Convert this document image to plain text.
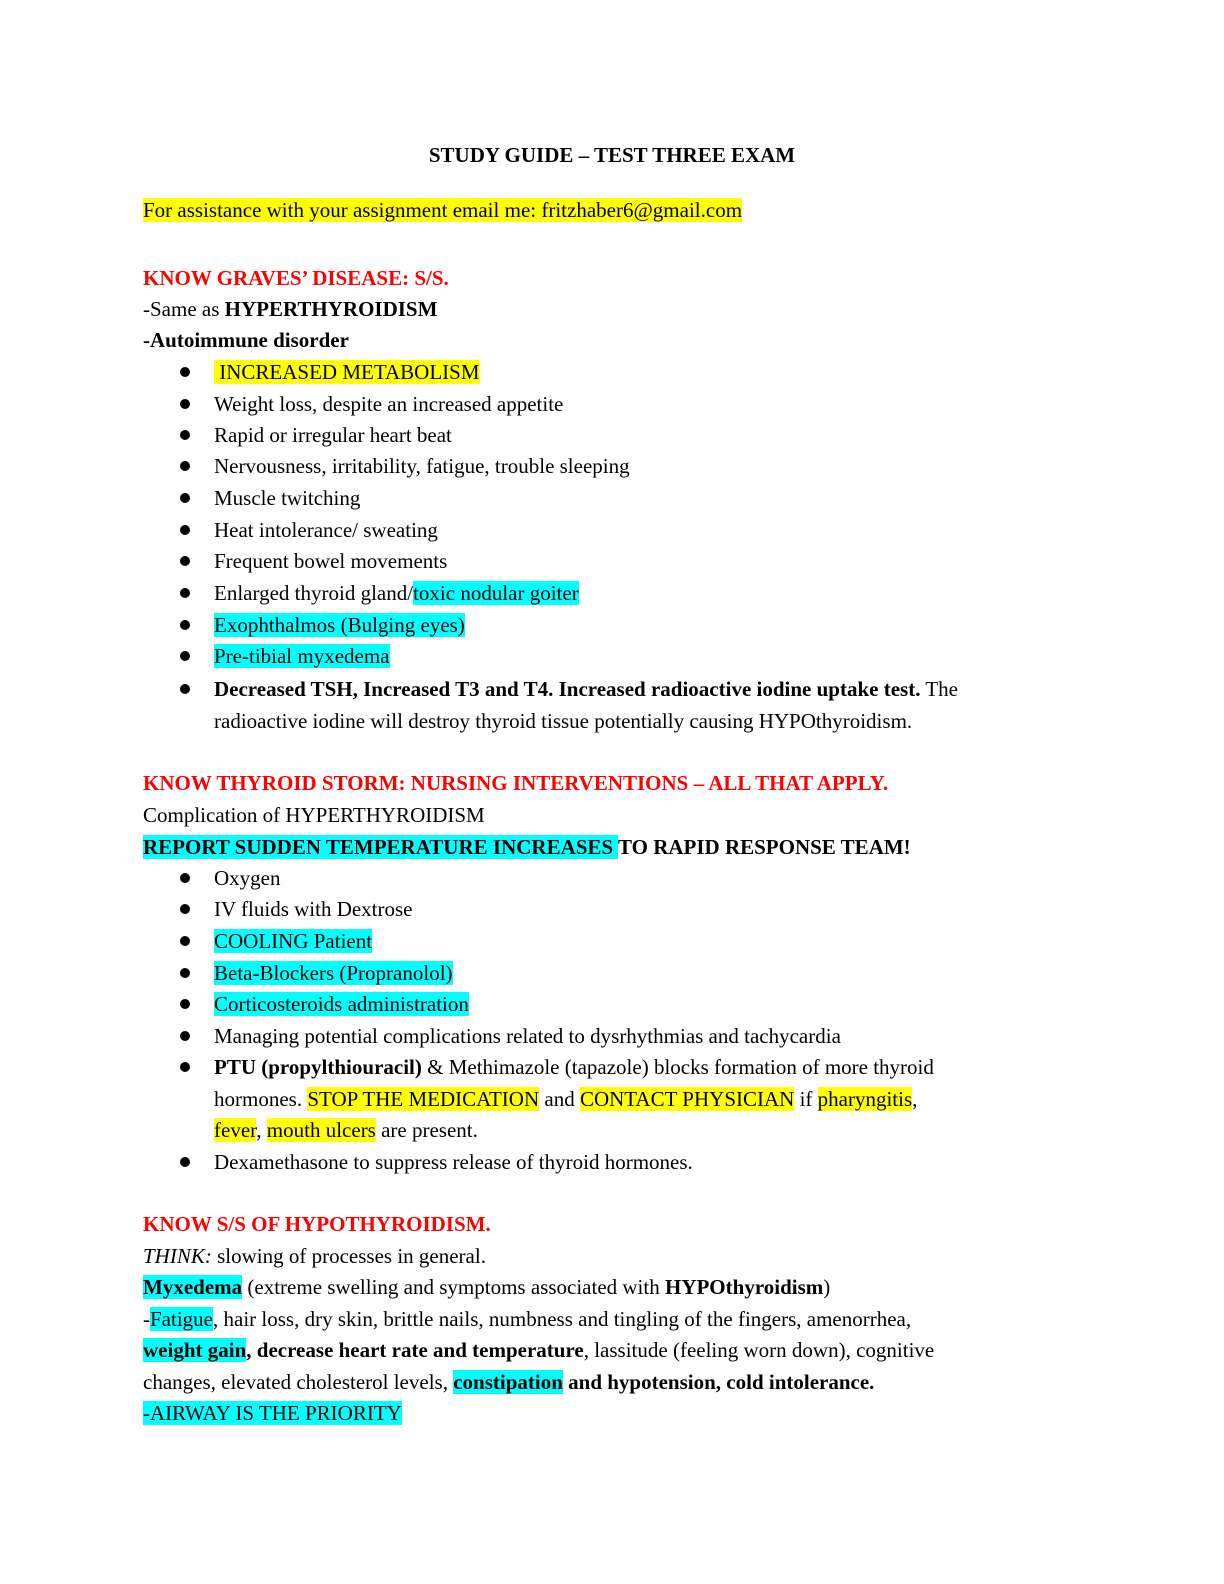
STUDY GUIDE – TEST THREE EXAM
For assistance with your assignment email me: fritzhaber6@gmail.com
KNOW GRAVES’ DISEASE: S/S.
-Same as HYPERTHYROIDISM
-Autoimmune disorder
INCREASED METABOLISM
Weight loss, despite an increased appetite
Rapid or irregular heart beat
Nervousness, irritability, fatigue, trouble sleeping
Muscle twitching
Heat intolerance/ sweating
Frequent bowel movements
Enlarged thyroid gland/toxic nodular goiter
Exophthalmos (Bulging eyes)
Pre-tibial myxedema
Decreased TSH, Increased T3 and T4. Increased radioactive iodine uptake test. The
radioactive iodine will destroy thyroid tissue potentially causing HYPOthyroidism.
KNOW THYROID STORM: NURSING INTERVENTIONS – ALL THAT APPLY.
Complication of HYPERTHYROIDISM
REPORT SUDDEN TEMPERATURE INCREASES TO RAPID RESPONSE TEAM!
Oxygen
IV fluids with Dextrose
COOLING Patient
Beta-Blockers (Propranolol)
Corticosteroids administration
Managing potential complications related to dysrhythmias and tachycardia
PTU (propylthiouracil) & Methimazole (tapazole) blocks formation of more thyroid
hormones. STOP THE MEDICATION and CONTACT PHYSICIAN if pharyngitis,
fever, mouth ulcers are present.
Dexamethasone to suppress release of thyroid hormones.
KNOW S/S OF HYPOTHYROIDISM.
THINK: slowing of processes in general.
Myxedema (extreme swelling and symptoms associated with HYPOthyroidism)
-Fatigue, hair loss, dry skin, brittle nails, numbness and tingling of the fingers, amenorrhea,
weight gain, decrease heart rate and temperature, lassitude (feeling worn down), cognitive
changes, elevated cholesterol levels, constipation and hypotension, cold intolerance.
-AIRWAY IS THE PRIORITY
